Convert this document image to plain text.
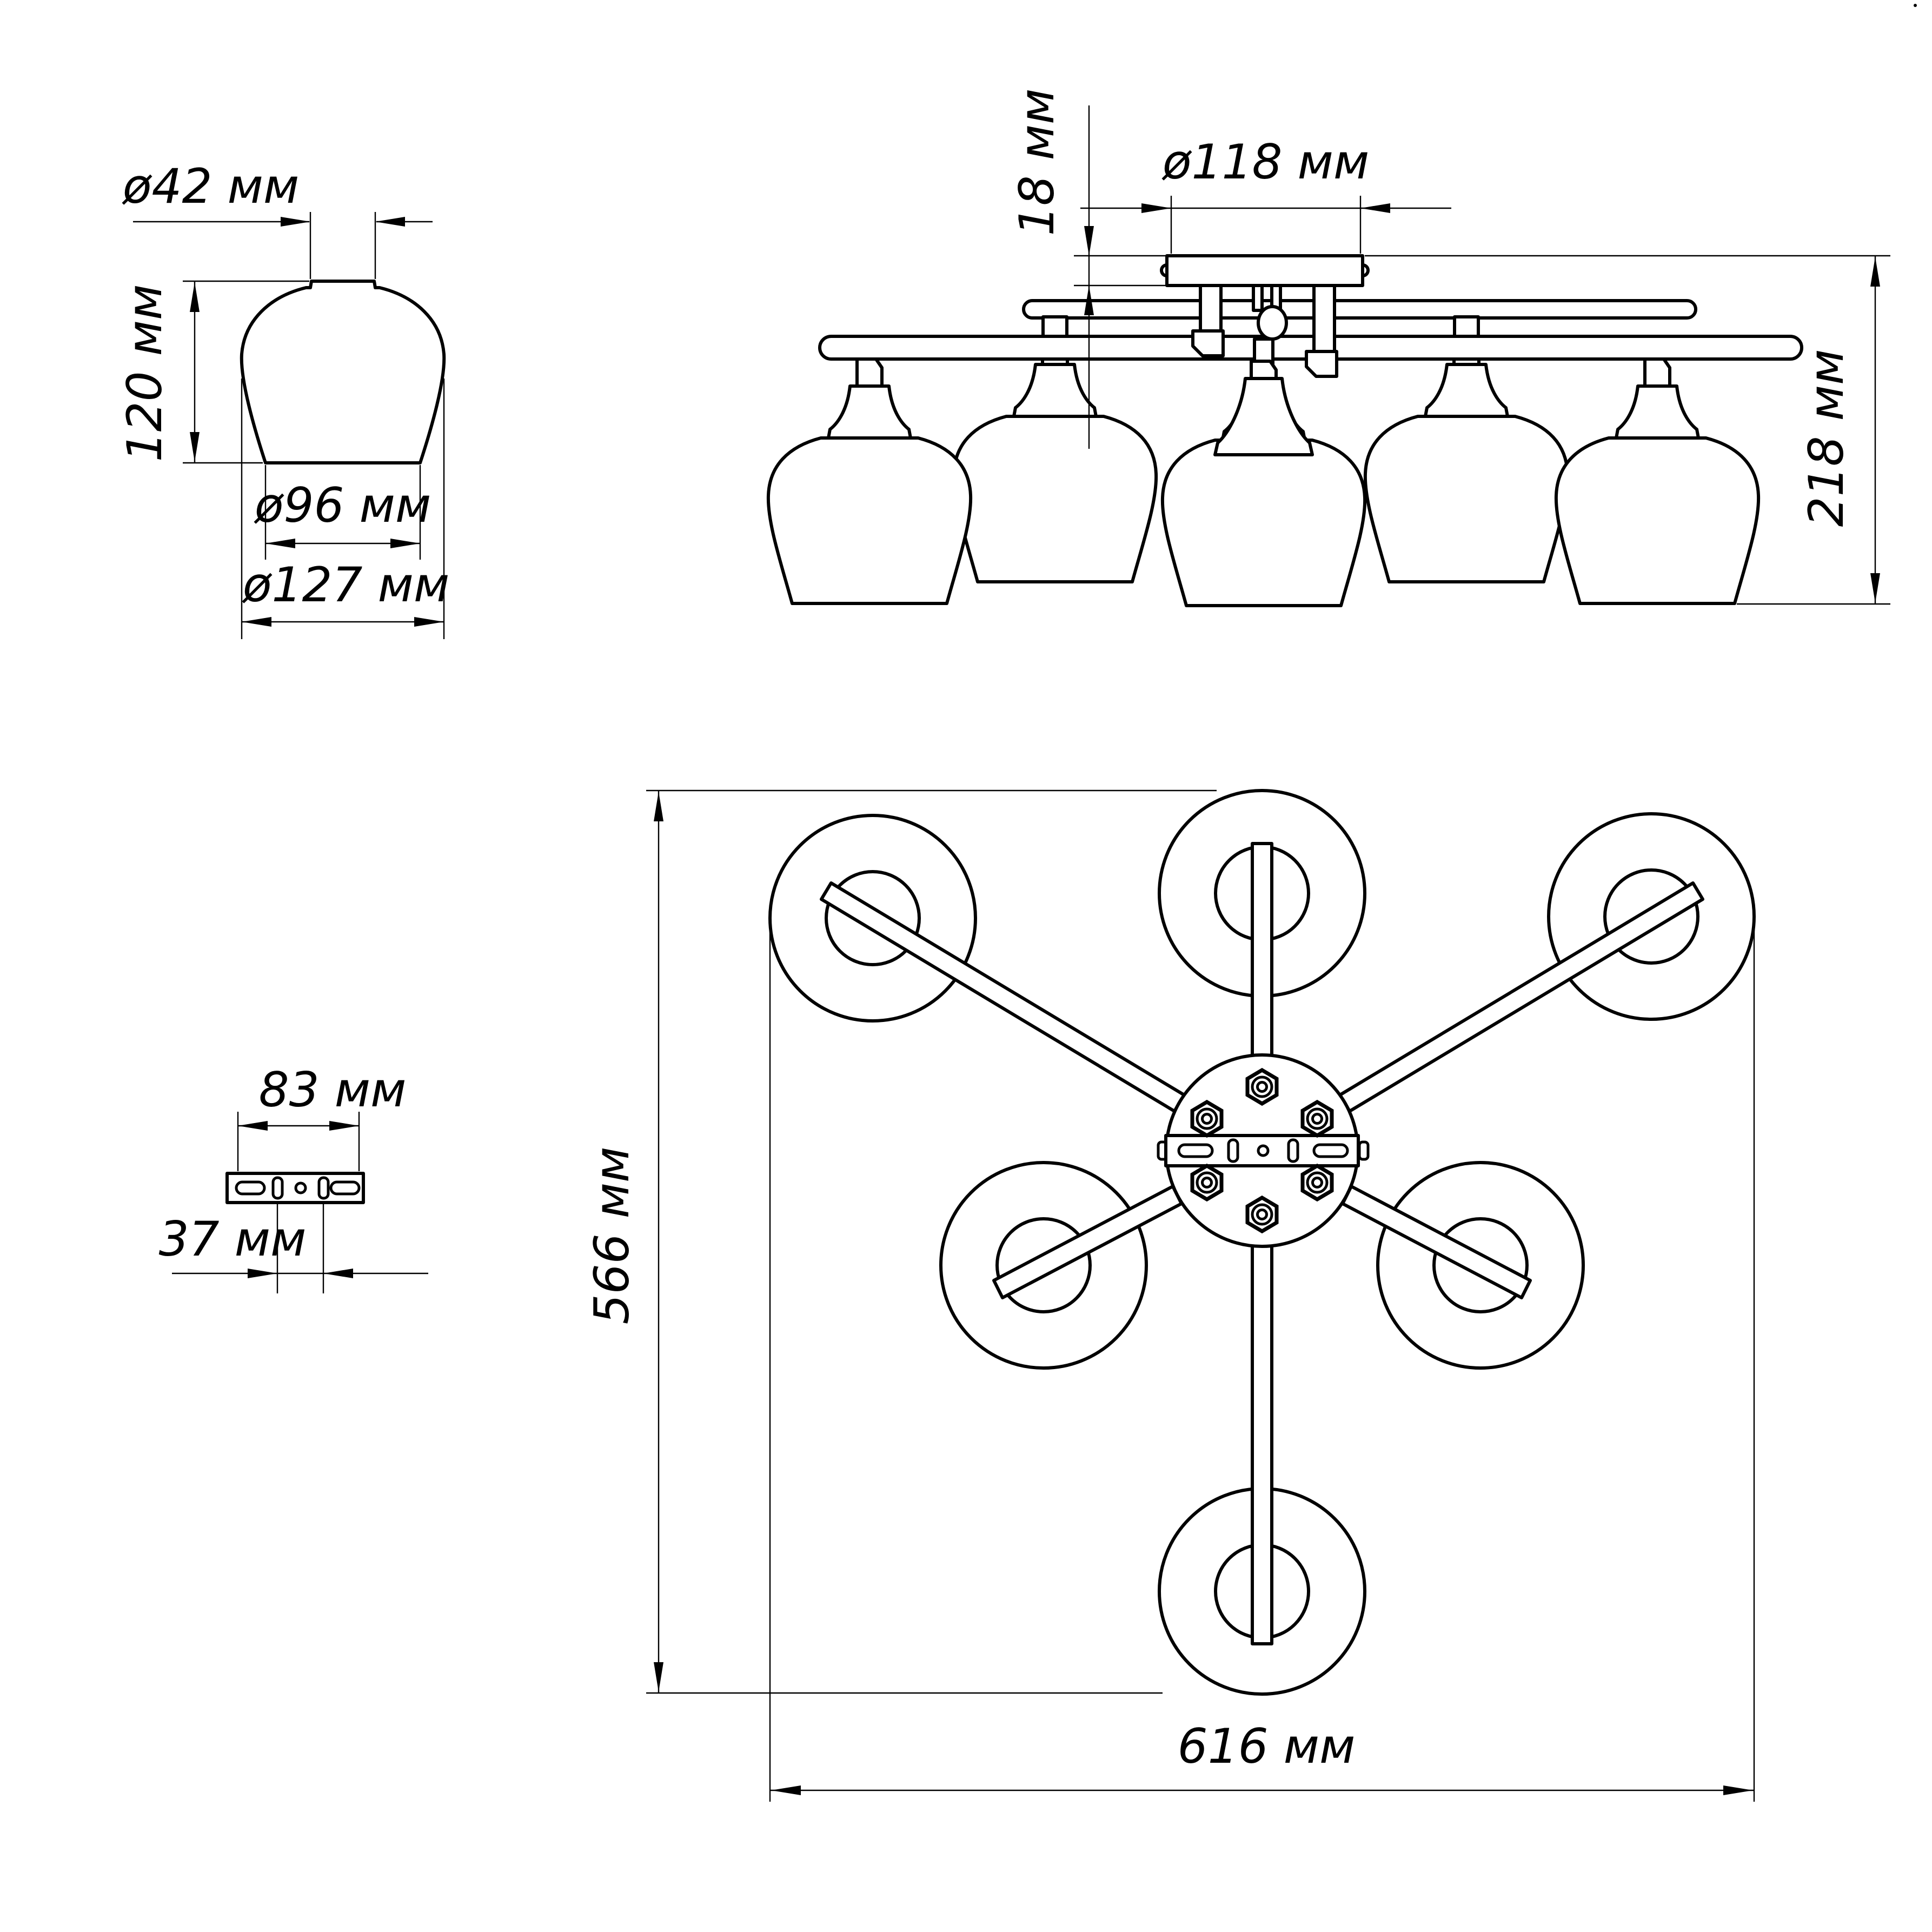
ø42 мм
120 мм
ø96 мм
ø127 мм
18 мм ø118 мм
218 мм
83 мм
37 мм	566 мм
616 мм
